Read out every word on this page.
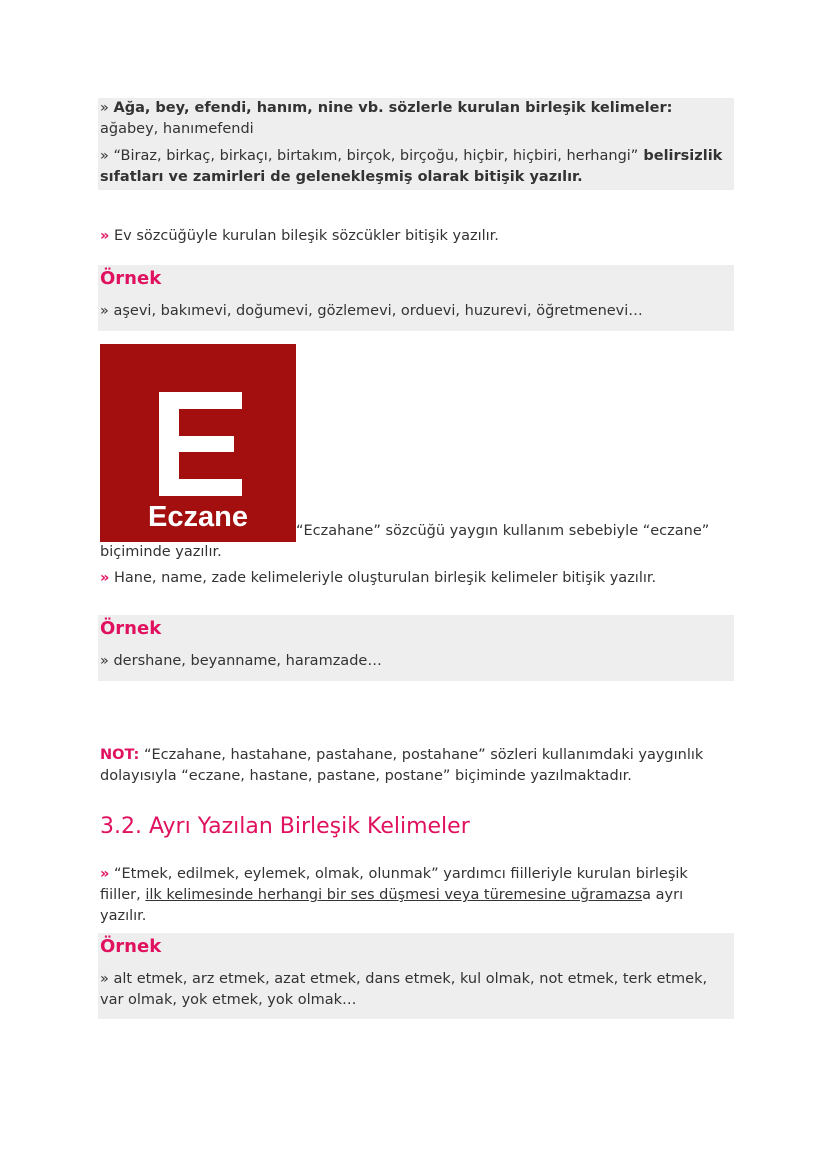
» Ağa, bey, efendi, hanım, nine vb. sözlerle kurulan birleşik kelimeler: ağabey, hanımefendi
» “Biraz, birkaç, birkaçı, birtakım, birçok, birçoğu, hiçbir, hiçbiri, herhangi” belirsizlik sıfatları ve zamirleri de gelenekleşmiş olarak bitişik yazılır.
» Ev sözcüğüyle kurulan bileşik sözcükler bitişik yazılır.
Örnek
» aşevi, bakımevi, doğumevi, gözlemevi, orduevi, huzurevi, öğretmenevi…
Eczane	“Eczahane” sözcüğü yaygın kullanım sebebiyle “eczane” biçiminde yazılır.
» Hane, name, zade kelimeleriyle oluşturulan birleşik kelimeler bitişik yazılır.
Örnek
» dershane, beyanname, haramzade…
NOT: “Eczahane, hastahane, pastahane, postahane” sözleri kullanımdaki yaygınlık dolayısıyla “eczane, hastane, pastane, postane” biçiminde yazılmaktadır.
3.2. Ayrı Yazılan Birleşik Kelimeler
» “Etmek, edilmek, eylemek, olmak, olunmak” yardımcı fiilleriyle kurulan birleşik fiiller, ilk kelimesinde herhangi bir ses düşmesi veya türemesine uğramazsa ayrı yazılır.
Örnek
» alt etmek, arz etmek, azat etmek, dans etmek, kul olmak, not etmek, terk etmek, var olmak, yok etmek, yok olmak…
